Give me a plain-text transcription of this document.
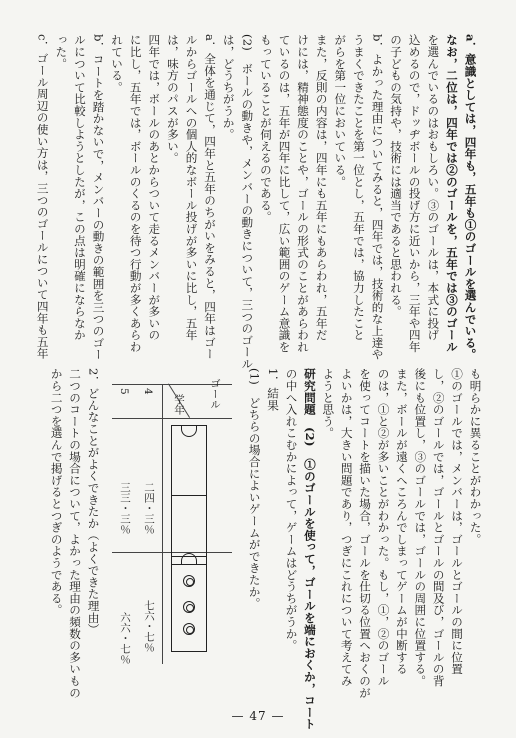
a．意識としては，四年も，五年も①のゴールを選んでいる。
なお，二位は，四年では②のゴールを，五年では③のゴール
を選んでいるのはおもしろい。③のゴールは，本式に投げ
込めるので，ドッヂボールの投げ方に近いから，三年や四年
の子どもの気持や，技術には適当であると思われる。
b．よかった理由についてみると，四年では，技術的な上達や
うまくできたことを第一位とし，五年では，協力したこと
がらを第一位においている。
また，反則の内容は，四年にも五年にもあらわれ，五年だ
けには，精神態度のことや，ゴールの形式のことがあらわれ
ているのは，五年が四年に比して，広い範囲のゲーム意識を
もっていることが伺えるのである。
(2)　ボールの動きや，メンバーの動きについて，三つのゴール
は，どうちがうか。
a．全体を通じて，四年と五年のちがいをみると，四年はゴー
ルからゴールへの個人的なボール投げが多いに比し，五年
は，味方のパスが多い。
四年では，ボールのあとからついて走るメンバーが多いの
に比し，五年では，ボールのくるのを待つ行動が多くあらわ
れている。
b．コートを踏かないで，メンバーの動きの範囲を三つのゴー
ルについて比較しようとしたが，この点は明確にならなか
った。
c．ゴール周辺の使い方は，三つのゴールについて四年も五年
も明らかに異ることがわかった。
①のゴールでは，メンバーは，ゴールとゴールの間に位置
し，②のゴールでは，ゴールとゴールの間及び，ゴールの背
後にも位置し，③のゴールでは，ゴールの周囲に位置する。
また，ボールが遠くへころんでしまってゲームが中断する
のは，①と②が多いことがわかった。もし，①，②のゴール
を使ってコートを描いた場合，ゴールを仕切る位置へおくのが
よいかは，大きい問題であり，つぎにこれについて考えてみ
ようと思う。
研究問題　(2)　①のゴールを使って，ゴールを端におくか，コート
の中へ入れこむかによって，ゲームはどうちがうか。
1．結果
(1)　どちらの場合によいゲームができたか。
2．どんなことがよくできたか（よくできた理由）
二つのコートの場合について，よかった理由の頻数の多いもの
から二つを選んで掲げるとつぎのようである。	ゴール
学年
4
5
二四・三％
三三・三％
七六・七％
六六・七％
— 47 —
